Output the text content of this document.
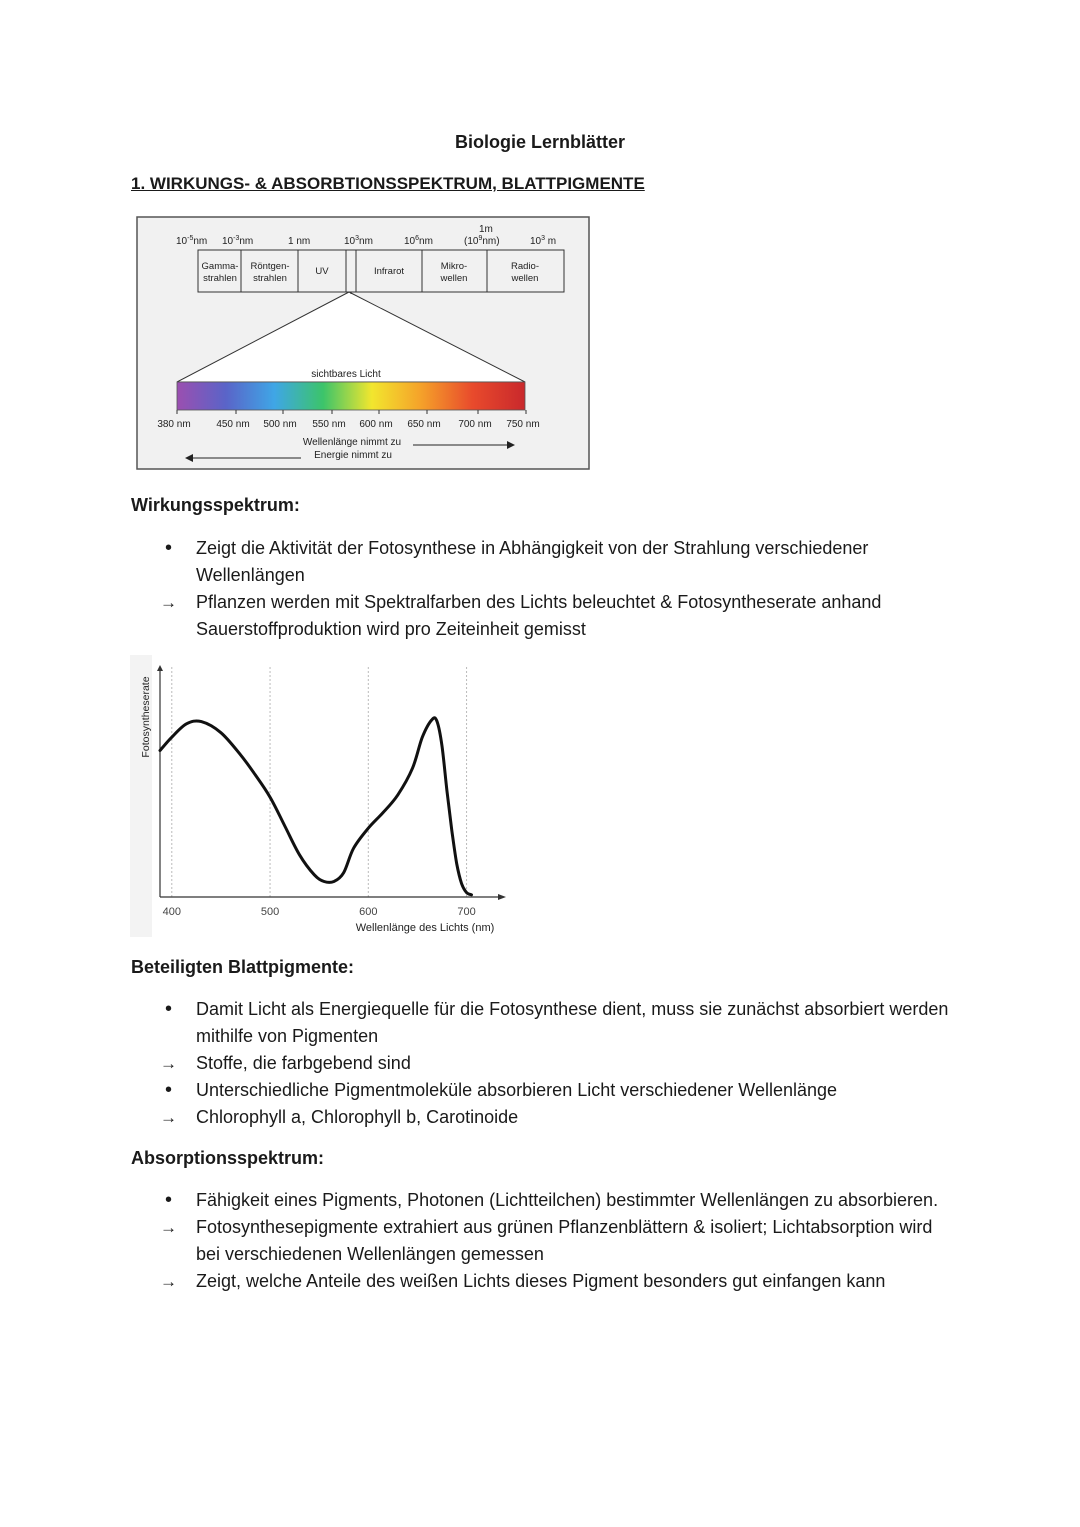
Biologie Lernblätter
1. WIRKUNGS- & ABSORBTIONSSPEKTRUM, BLATTPIGMENTE
$10^{-5}nm$ $10^{-3}nm$	1 nm	$10^3nm$	$10^6nm$
1m
$(10^9nm)$	$10^3$ m
Gamma-
strahlen
Röntgen-
strahlen
UV	Infrarot	Mikro-
wellen
Radio-
wellen
sichtbares Licht
380 nm	450 nm 500 nm 550 nm 600 nm 650 nm 700 nm 750 nm
Wellenlänge nimmt zu
Energie nimmt zu
Wirkungsspektrum:
•	Zeigt die Aktivität der Fotosynthese in Abhängigkeit von der Strahlung verschiedener Wellenlängen
→	Pflanzen werden mit Spektralfarben des Lichts beleuchtet & Fotosyntheserate anhand Sauerstoffproduktion wird pro Zeiteinheit gemisst
Fotosyntheserate
400	500	600	700
Wellenlänge des Lichts (nm)
Beteiligten Blattpigmente:
•	Damit Licht als Energiequelle für die Fotosynthese dient, muss sie zunächst absorbiert werden mithilfe von Pigmenten
→	Stoffe, die farbgebend sind
•	Unterschiedliche Pigmentmoleküle absorbieren Licht verschiedener Wellenlänge
→	Chlorophyll a, Chlorophyll b, Carotinoide
Absorptionsspektrum:
•	Fähigkeit eines Pigments, Photonen (Lichtteilchen) bestimmter Wellenlängen zu absorbieren.
→	Fotosynthesepigmente extrahiert aus grünen Pflanzenblättern & isoliert; Lichtabsorption wird bei verschiedenen Wellenlängen gemessen
→	Zeigt, welche Anteile des weißen Lichts dieses Pigment besonders gut einfangen kann
